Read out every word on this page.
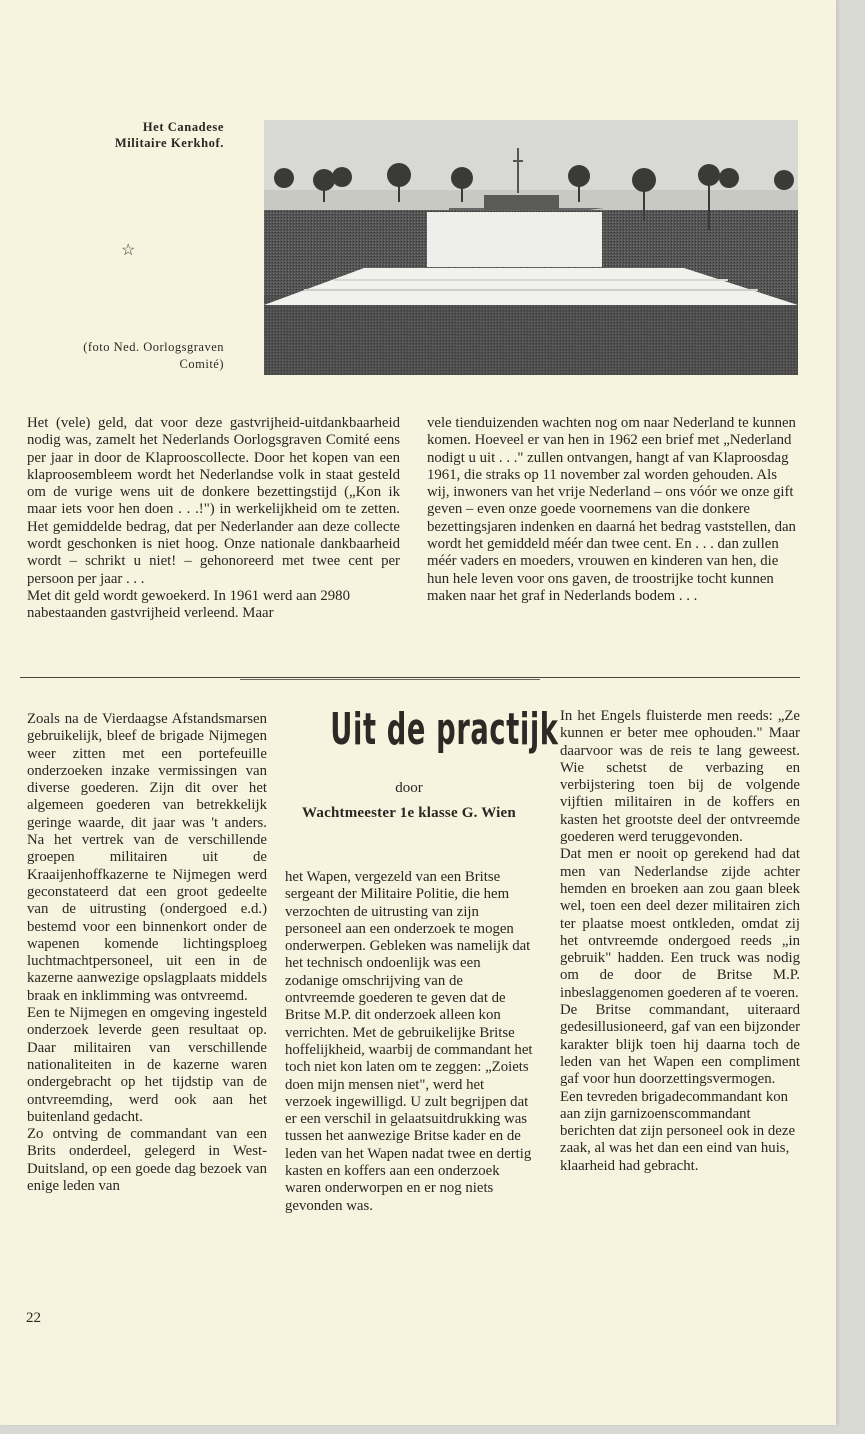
Het Canadese
Militaire Kerkhof.
☆
(foto Ned. Oorlogsgraven
Comité)

Het (vele) geld, dat voor deze gastvrijheid-uitdankbaarheid nodig was, zamelt het Nederlands Oorlogsgraven Comité eens per jaar in door de Klaprooscollecte. Door het kopen van een klaproosembleem wordt het Nederlandse volk in staat gesteld om de vurige wens uit de donkere bezettingstijd („Kon ik maar iets voor hen doen . . .!") in werkelijkheid om te zetten. Het gemiddelde bedrag, dat per Nederlander aan deze collecte wordt geschonken is niet hoog. Onze nationale dankbaarheid wordt – schrikt u niet! – gehonoreerd met twee cent per persoon per jaar . . .

Met dit geld wordt gewoekerd. In 1961 werd aan 2980 nabestaanden gastvrijheid verleend. Maar

vele tienduizenden wachten nog om naar Nederland te kunnen komen. Hoeveel er van hen in 1962 een brief met „Nederland nodigt u uit . . ." zullen ontvangen, hangt af van Klaproosdag 1961, die straks op 11 november zal worden gehouden. Als wij, inwoners van het vrije Nederland – ons vóór we onze gift geven – even onze goede voornemens van die donkere bezettingsjaren indenken en daarná het bedrag vaststellen, dan wordt het gemiddeld méér dan twee cent. En . . . dan zullen méér vaders en moeders, vrouwen en kinderen van hen, die hun hele leven voor ons gaven, de troostrijke tocht kunnen maken naar het graf in Nederlands bodem . . .

Uit de practijk
door
Wachtmeester 1e klasse G. Wien

Zoals na de Vierdaagse Afstandsmarsen gebruikelijk, bleef de brigade Nijmegen weer zitten met een portefeuille onderzoeken inzake vermissingen van diverse goederen. Zijn dit over het algemeen goederen van betrekkelijk geringe waarde, dit jaar was 't anders. Na het vertrek van de verschillende groepen militairen uit de Kraaijenhoffkazerne te Nijmegen werd geconstateerd dat een groot gedeelte van de uitrusting (ondergoed e.d.) bestemd voor een binnenkort onder de wapenen komende lichtingsploeg luchtmachtpersoneel, uit een in de kazerne aanwezige opslagplaats middels braak en inklimming was ontvreemd.

Een te Nijmegen en omgeving ingesteld onderzoek leverde geen resultaat op. Daar militairen van verschillende nationaliteiten in de kazerne waren ondergebracht op het tijdstip van de ontvreemding, werd ook aan het buitenland gedacht.

Zo ontving de commandant van een Brits onderdeel, gelegerd in West-Duitsland, op een goede dag bezoek van enige leden van

het Wapen, vergezeld van een Britse sergeant der Militaire Politie, die hem verzochten de uitrusting van zijn personeel aan een onderzoek te mogen onderwerpen. Gebleken was namelijk dat het technisch ondoenlijk was een zodanige omschrijving van de ontvreemde goederen te geven dat de Britse M.P. dit onderzoek alleen kon verrichten. Met de gebruikelijke Britse hoffelijkheid, waarbij de commandant het toch niet kon laten om te zeggen: „Zoiets doen mijn mensen niet", werd het verzoek ingewilligd. U zult begrijpen dat er een verschil in gelaatsuitdrukking was tussen het aanwezige Britse kader en de leden van het Wapen nadat twee en dertig kasten en koffers aan een onderzoek waren onderworpen en er nog niets gevonden was.

In het Engels fluisterde men reeds: „Ze kunnen er beter mee ophouden." Maar daarvoor was de reis te lang geweest. Wie schetst de verbazing en verbijstering toen bij de volgende vijftien militairen in de koffers en kasten het grootste deel der ontvreemde goederen werd teruggevonden.

Dat men er nooit op gerekend had dat men van Nederlandse zijde achter hemden en broeken aan zou gaan bleek wel, toen een deel dezer militairen zich ter plaatse moest ontkleden, omdat zij het ontvreemde ondergoed reeds „in gebruik" hadden. Een truck was nodig om de door de Britse M.P. inbeslaggenomen goederen af te voeren.

De Britse commandant, uiteraard gedesillusioneerd, gaf van een bijzonder karakter blijk toen hij daarna toch de leden van het Wapen een compliment gaf voor hun doorzettingsvermogen.

Een tevreden brigadecommandant kon aan zijn garnizoenscommandant berichten dat zijn personeel ook in deze zaak, al was het dan een eind van huis, klaarheid had gebracht.

22
